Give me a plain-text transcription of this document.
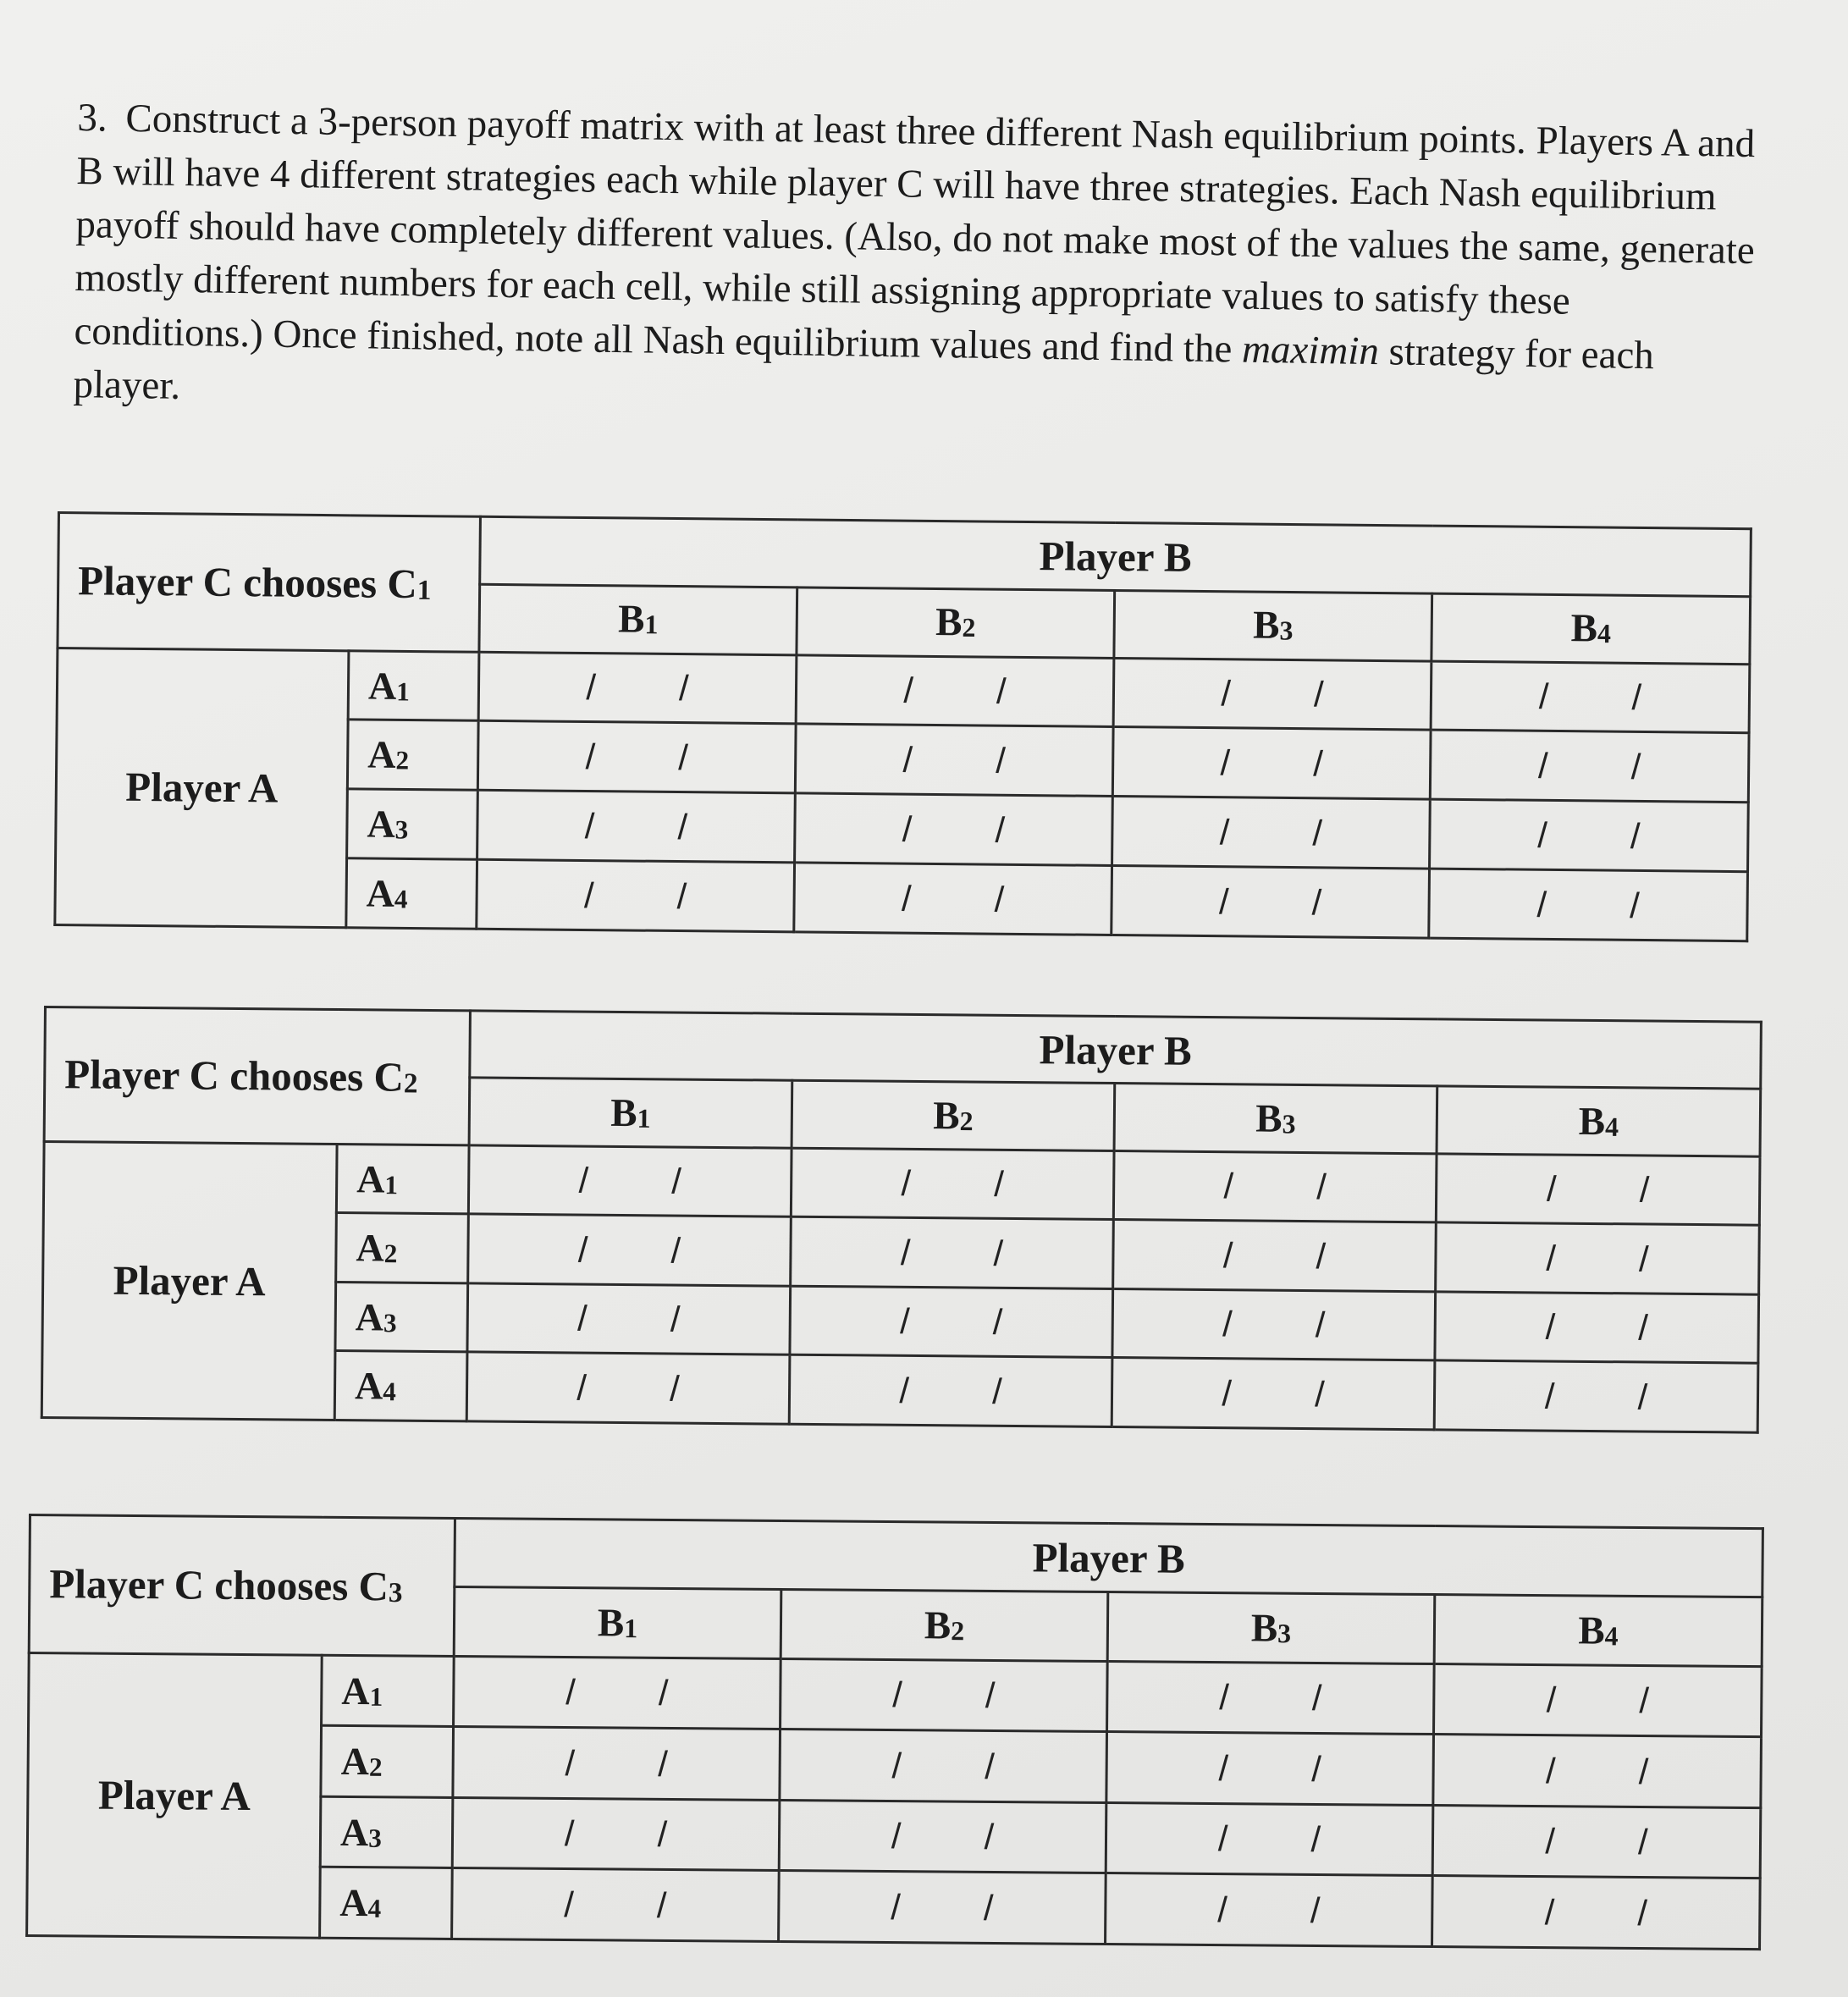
3. Construct a 3-person payoff matrix with at least three different Nash equilibrium points. Players A and B will have 4 different strategies each while player C will have three strategies. Each Nash equilibrium payoff should have completely different values. (Also, do not make most of the values the same, generate mostly different numbers for each cell, while still assigning appropriate values to satisfy these conditions.) Once finished, note all Nash equilibrium values and find the maximin strategy for each player.

Player C chooses C1		Player B			
		B1	B2	B3	B4
Player A	A1	/ /	/ /	/ /	/ /

	A2	/ /	/ /	/ /	/ /

	A3	/ /	/ /	/ /	/ /

	A4	/ /	/ /	/ /	/ /
Player C chooses C2		Player B			
		B1	B2	B3	B4
Player A	A1	/ /	/ /	/ /	/ /

	A2	/ /	/ /	/ /	/ /

	A3	/ /	/ /	/ /	/ /

	A4	/ /	/ /	/ /	/ /
Player C chooses C3		Player B			
		B1	B2	B3	B4
Player A	A1	/ /	/ /	/ /	/ /

	A2	/ /	/ /	/ /	/ /

	A3	/ /	/ /	/ /	/ /

	A4	/ /	/ /	/ /	/ /
